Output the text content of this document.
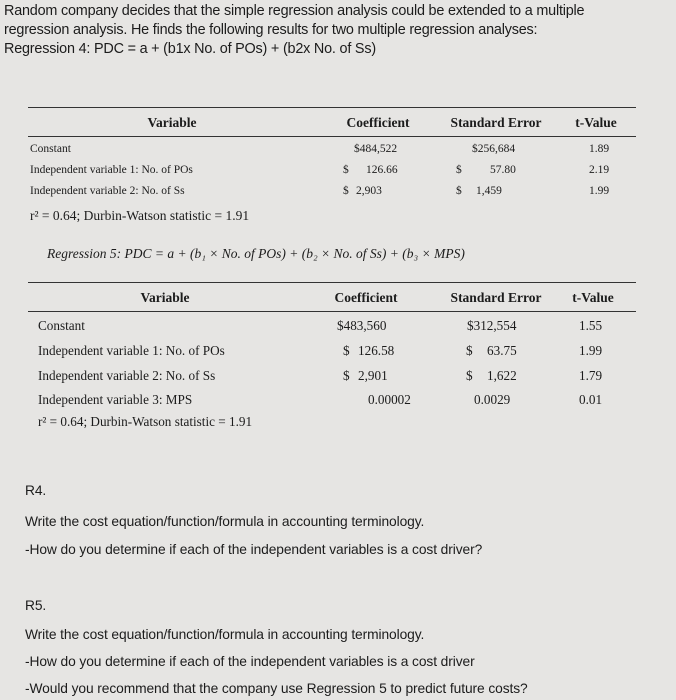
Random company decides that the simple regression analysis could be extended to a multiple

regression analysis. He finds the following results for two multiple regression analyses:

Regression 4: PDC = a + (b1x No. of POs) + (b2x No. of Ss)

Variable	Coefficient	Standard Error	t-Value
Constant	$484,522	$256,684	1.89
Independent variable 1: No. of POs	$ 126.66	$ 57.80	2.19
Independent variable 2: No. of Ss	$ 2,903	$ 1,459	1.99
r² = 0.64; Durbin-Watson statistic = 1.91
Regression 5: PDC = a + (b₁ × No. of POs) + (b₂ × No. of Ss) + (b₃ × MPS)
Variable	Coefficient	Standard Error t-Value
Constant	$483,560	$312,554	1.55
Independent variable 1: No. of POs	$ 126.58	$ 63.75	1.99
Independent variable 2: No. of Ss	$ 2,901	$ 1,622	1.79
Independent variable 3: MPS	0.00002	0.0029	0.01
r² = 0.64; Durbin-Watson statistic = 1.91
R4.
Write the cost equation/function/formula in accounting terminology.
-How do you determine if each of the independent variables is a cost driver?
R5.
Write the cost equation/function/formula in accounting terminology.
-How do you determine if each of the independent variables is a cost driver
-Would you recommend that the company use Regression 5 to predict future costs?
